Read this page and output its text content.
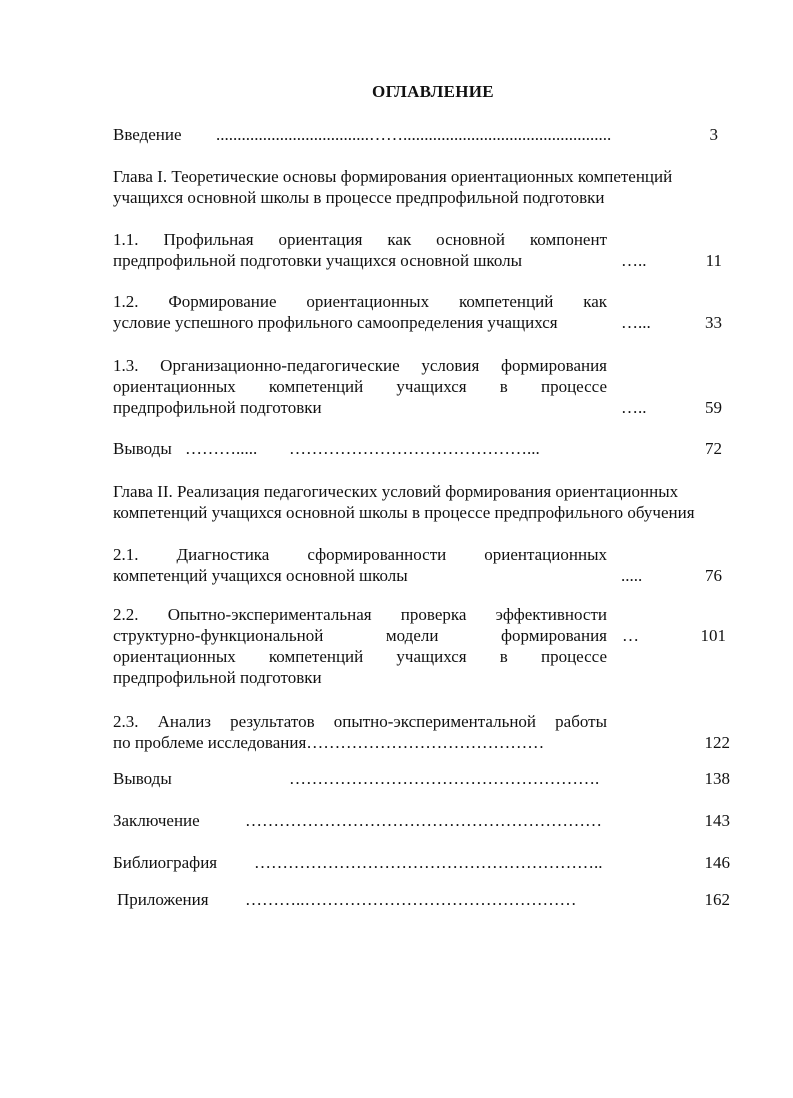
ОГЛАВЛЕНИЕ
Введение ....................................…….................................................	3
Глава I. Теоретические основы формирования ориентационных компетенций
учащихся основной школы в процессе предпрофильной подготовки
1.1. Профильная ориентация как основной компонент
предпрофильной подготовки учащихся основной школы	…..	11
1.2. Формирование ориентационных компетенций как
условие успешного профильного самоопределения учащихся	…...	33
1.3. Организационно-педагогические условия формирования
ориентационных компетенций учащихся в процессе
предпрофильной подготовки	…..	59
Выводы ………..... ……………………………………...	72
Глава II. Реализация педагогических условий формирования ориентационных
компетенций учащихся основной школы в процессе предпрофильного обучения
2.1. Диагностика сформированности ориентационных
компетенций учащихся основной школы	.....	76
2.2. Опытно-экспериментальная проверка эффективности
структурно-функциональной модели формирования …	101
ориентационных компетенций учащихся в процессе
предпрофильной подготовки
2.3. Анализ результатов опытно-экспериментальной работы
по проблеме исследования……………………………………	122
Выводы	……………………………………………….	138
Заключение	………………………………………………………	143
Библиография ……………………………………………………..	146
Приложения ………..…………………………………………	162
